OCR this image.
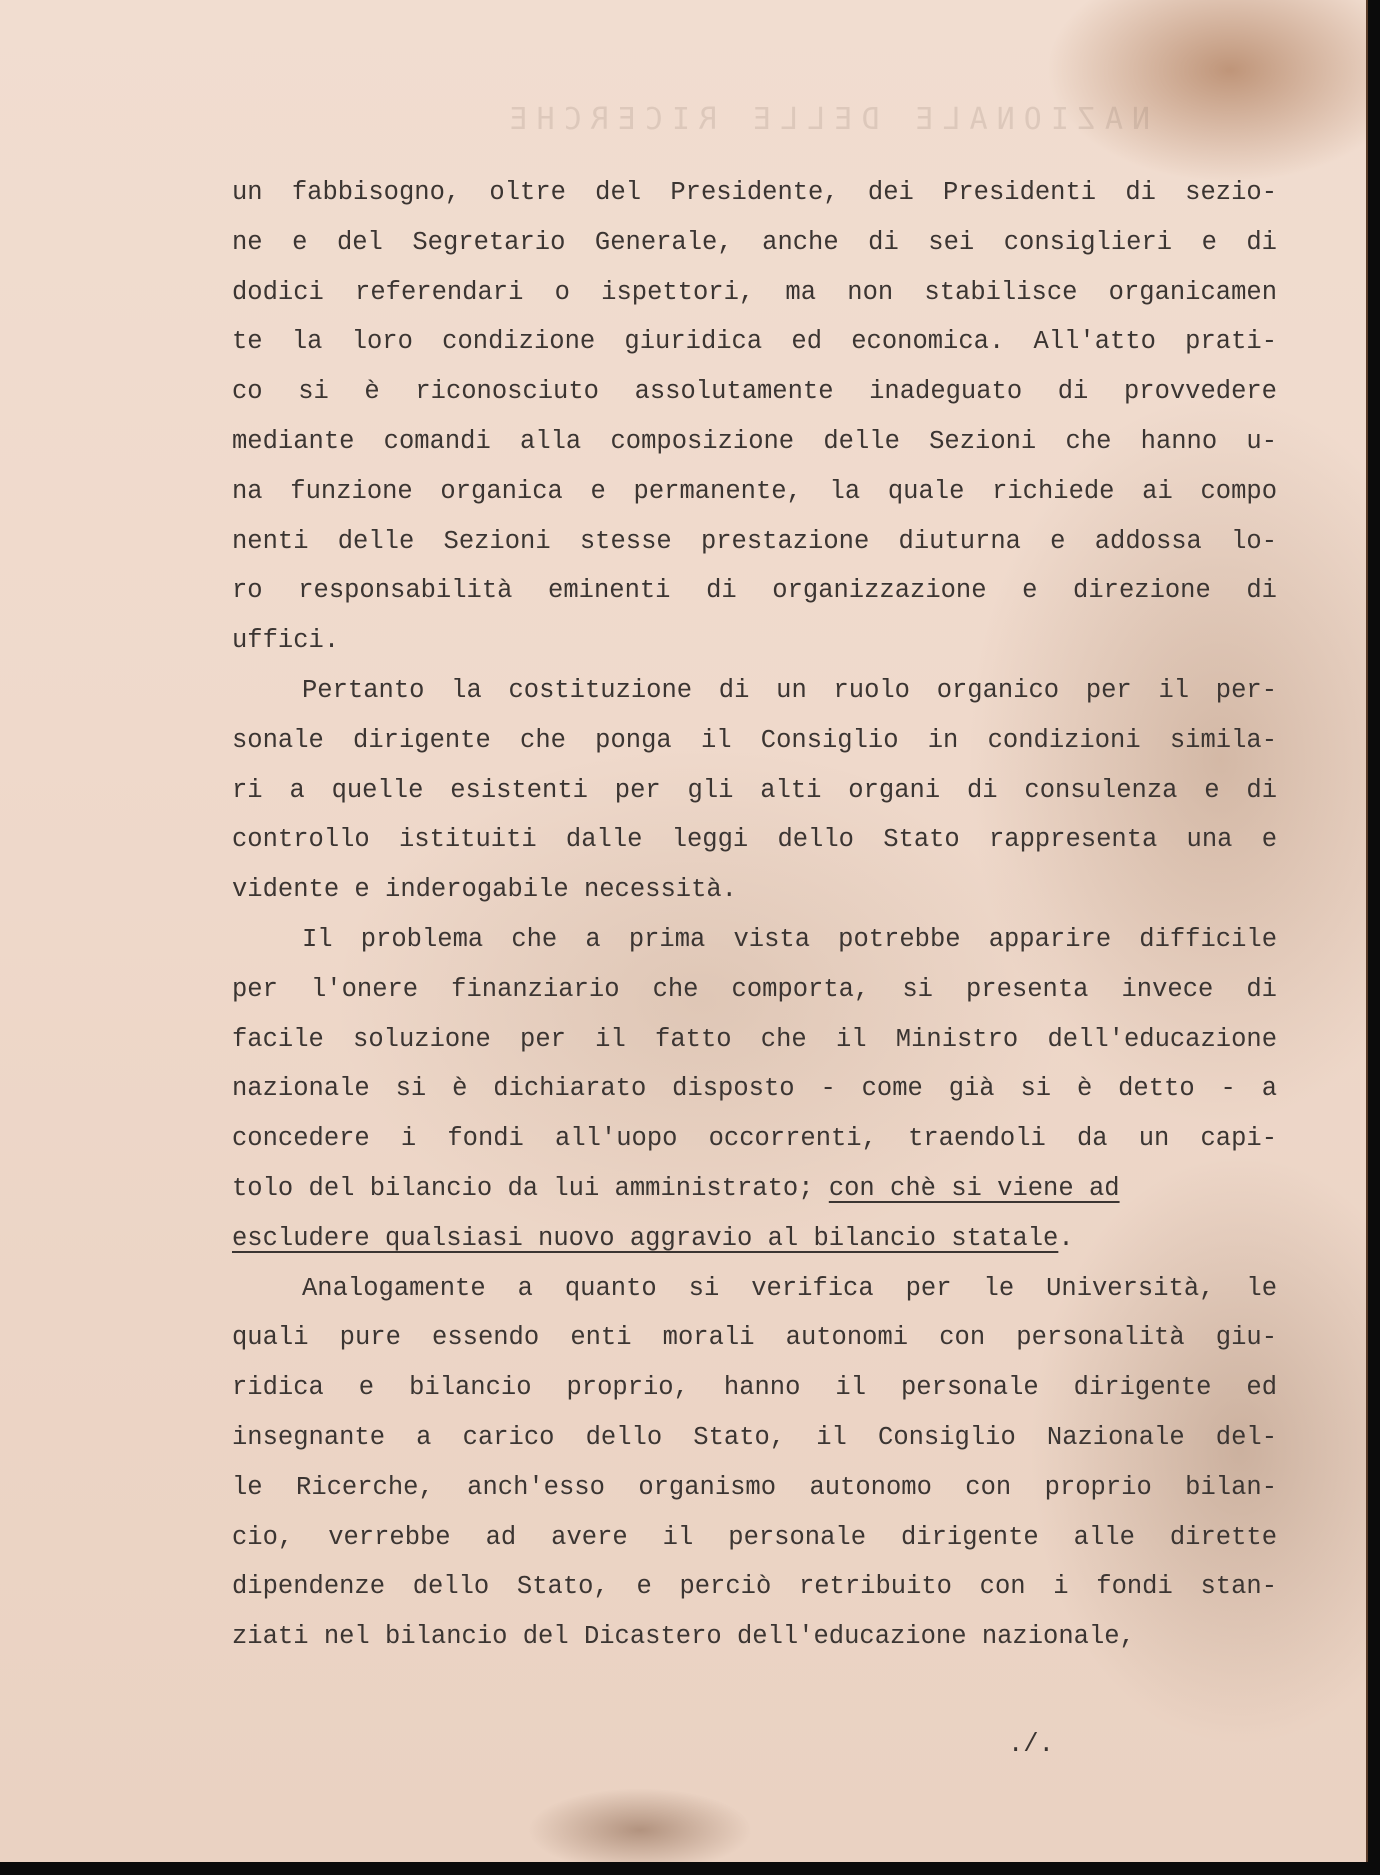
NAZIONALE DELLE RICERCHE
un fabbisogno, oltre del Presidente, dei Presidenti di sezio-
ne e del Segretario Generale, anche di sei consiglieri e di
dodici referendari o ispettori, ma non stabilisce organicamen
te la loro condizione giuridica ed economica. All'atto prati-
co si è riconosciuto assolutamente inadeguato di provvedere
mediante comandi alla composizione delle Sezioni che hanno u-
na funzione organica e permanente, la quale richiede ai compo
nenti delle Sezioni stesse prestazione diuturna e addossa lo-
ro responsabilità eminenti di organizzazione e direzione di
uffici.
Pertanto la costituzione di un ruolo organico per il per-
sonale dirigente che ponga il Consiglio in condizioni simila-
ri a quelle esistenti per gli alti organi di consulenza e di
controllo istituiti dalle leggi dello Stato rappresenta una e
vidente e inderogabile necessità.
Il problema che a prima vista potrebbe apparire difficile
per l'onere finanziario che comporta, si presenta invece di
facile soluzione per il fatto che il Ministro dell'educazione
nazionale si è dichiarato disposto - come già si è detto - a
concedere i fondi all'uopo occorrenti, traendoli da un capi-
tolo del bilancio da lui amministrato; con chè si viene ad
escludere qualsiasi nuovo aggravio al bilancio statale.
Analogamente a quanto si verifica per le Università, le
quali pure essendo enti morali autonomi con personalità giu-
ridica e bilancio proprio, hanno il personale dirigente ed
insegnante a carico dello Stato, il Consiglio Nazionale del-
le Ricerche, anch'esso organismo autonomo con proprio bilan-
cio, verrebbe ad avere il personale dirigente alle dirette
dipendenze dello Stato, e perciò retribuito con i fondi stan-
ziati nel bilancio del Dicastero dell'educazione nazionale,
./.
